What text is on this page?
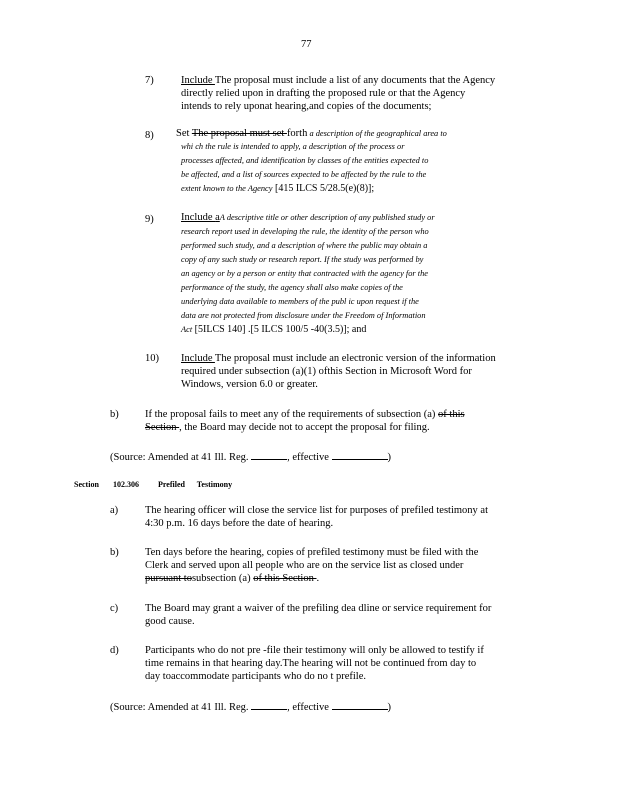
77
7)	Include The proposal must include a list of any documents that the Agency
directly relied upon in drafting the proposed rule or that the Agency
intends to rely uponat hearing,and copies of the documents;
8) Set The proposal must set forth a description of the geographical area to
whi ch the rule is intended to apply, a description of the process or
processes affected, and identification by classes of the entities expected to
be affected, and a list of sources expected to be affected by the rule to the
extent known to the Agency [415 ILCS 5/28.5(e)(8)];
9)	Include aA descriptive title or other description of any published study or
research report used in developing the rule, the identity of the person who
performed such study, and a description of where the public may obtain a
copy of any such study or research report. If the study was performed by
an agency or by a person or entity that contracted with the agency for the
performance of the study, the agency shall also make copies of the
underlying data available to members of the publ ic upon request if the
data are not protected from disclosure under the Freedom of Information
Act [5ILCS 140] .[5 ILCS 100/5 -40(3.5)]; and
10) Include The proposal must include an electronic version of the information
required under subsection (a)(1) ofthis Section in Microsoft Word for
Windows, version 6.0 or greater.
b)	If the proposal fails to meet any of the requirements of subsection (a) of this
Section , the Board may decide not to accept the proposal for filing.
(Source: Amended at 41 Ill. Reg.	, effective	)
Section 102.306 Prefiled Testimony
a)	The hearing officer will close the service list for purposes of prefiled testimony at
4:30 p.m. 16 days before the date of hearing.
b)	Ten days before the hearing, copies of prefiled testimony must be filed with the
Clerk and served upon all people who are on the service list as closed under
pursuant tosubsection (a) of this Section .
c)	The Board may grant a waiver of the prefiling dea dline or service requirement for
good cause.
d)	Participants who do not pre -file their testimony will only be allowed to testify if
time remains in that hearing day.The hearing will not be continued from day to
day toaccommodate participants who do no t prefile.
(Source: Amended at 41 Ill. Reg.	, effective	)
